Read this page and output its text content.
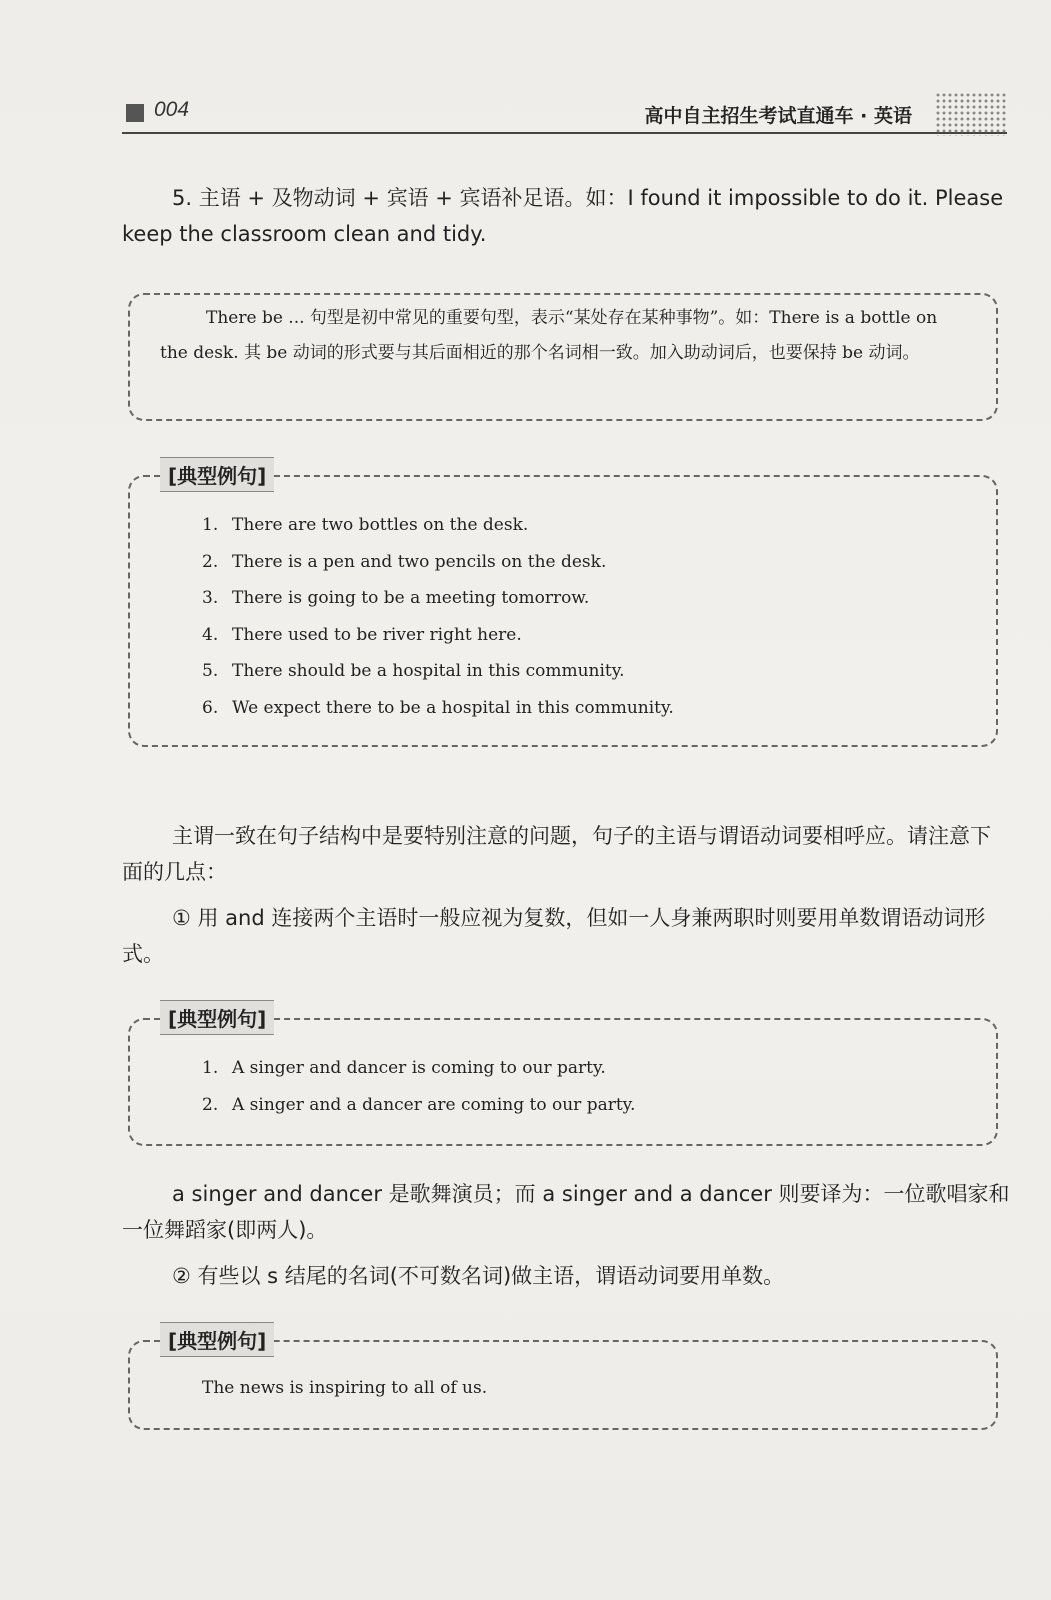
004	高中自主招生考试直通车 · 英语
5. 主语 + 及物动词 + 宾语 + 宾语补足语。如：I found it impossible to do it. Please keep the classroom clean and tidy.
There be ... 句型是初中常见的重要句型，表示“某处存在某种事物”。如：There is a bottle on the desk. 其 be 动词的形式要与其后面相近的那个名词相一致。加入助动词后，也要保持 be 动词。
[典型例句]
1. There are two bottles on the desk.
2. There is a pen and two pencils on the desk.
3. There is going to be a meeting tomorrow.
4. There used to be river right here.
5. There should be a hospital in this community.
6. We expect there to be a hospital in this community.
主谓一致在句子结构中是要特别注意的问题，句子的主语与谓语动词要相呼应。请注意下面的几点：
① 用 and 连接两个主语时一般应视为复数，但如一人身兼两职时则要用单数谓语动词形式。
[典型例句]
1. A singer and dancer is coming to our party.
2. A singer and a dancer are coming to our party.
a singer and dancer 是歌舞演员；而 a singer and a dancer 则要译为：一位歌唱家和一位舞蹈家(即两人)。
② 有些以 s 结尾的名词(不可数名词)做主语，谓语动词要用单数。
[典型例句]
The news is inspiring to all of us.
